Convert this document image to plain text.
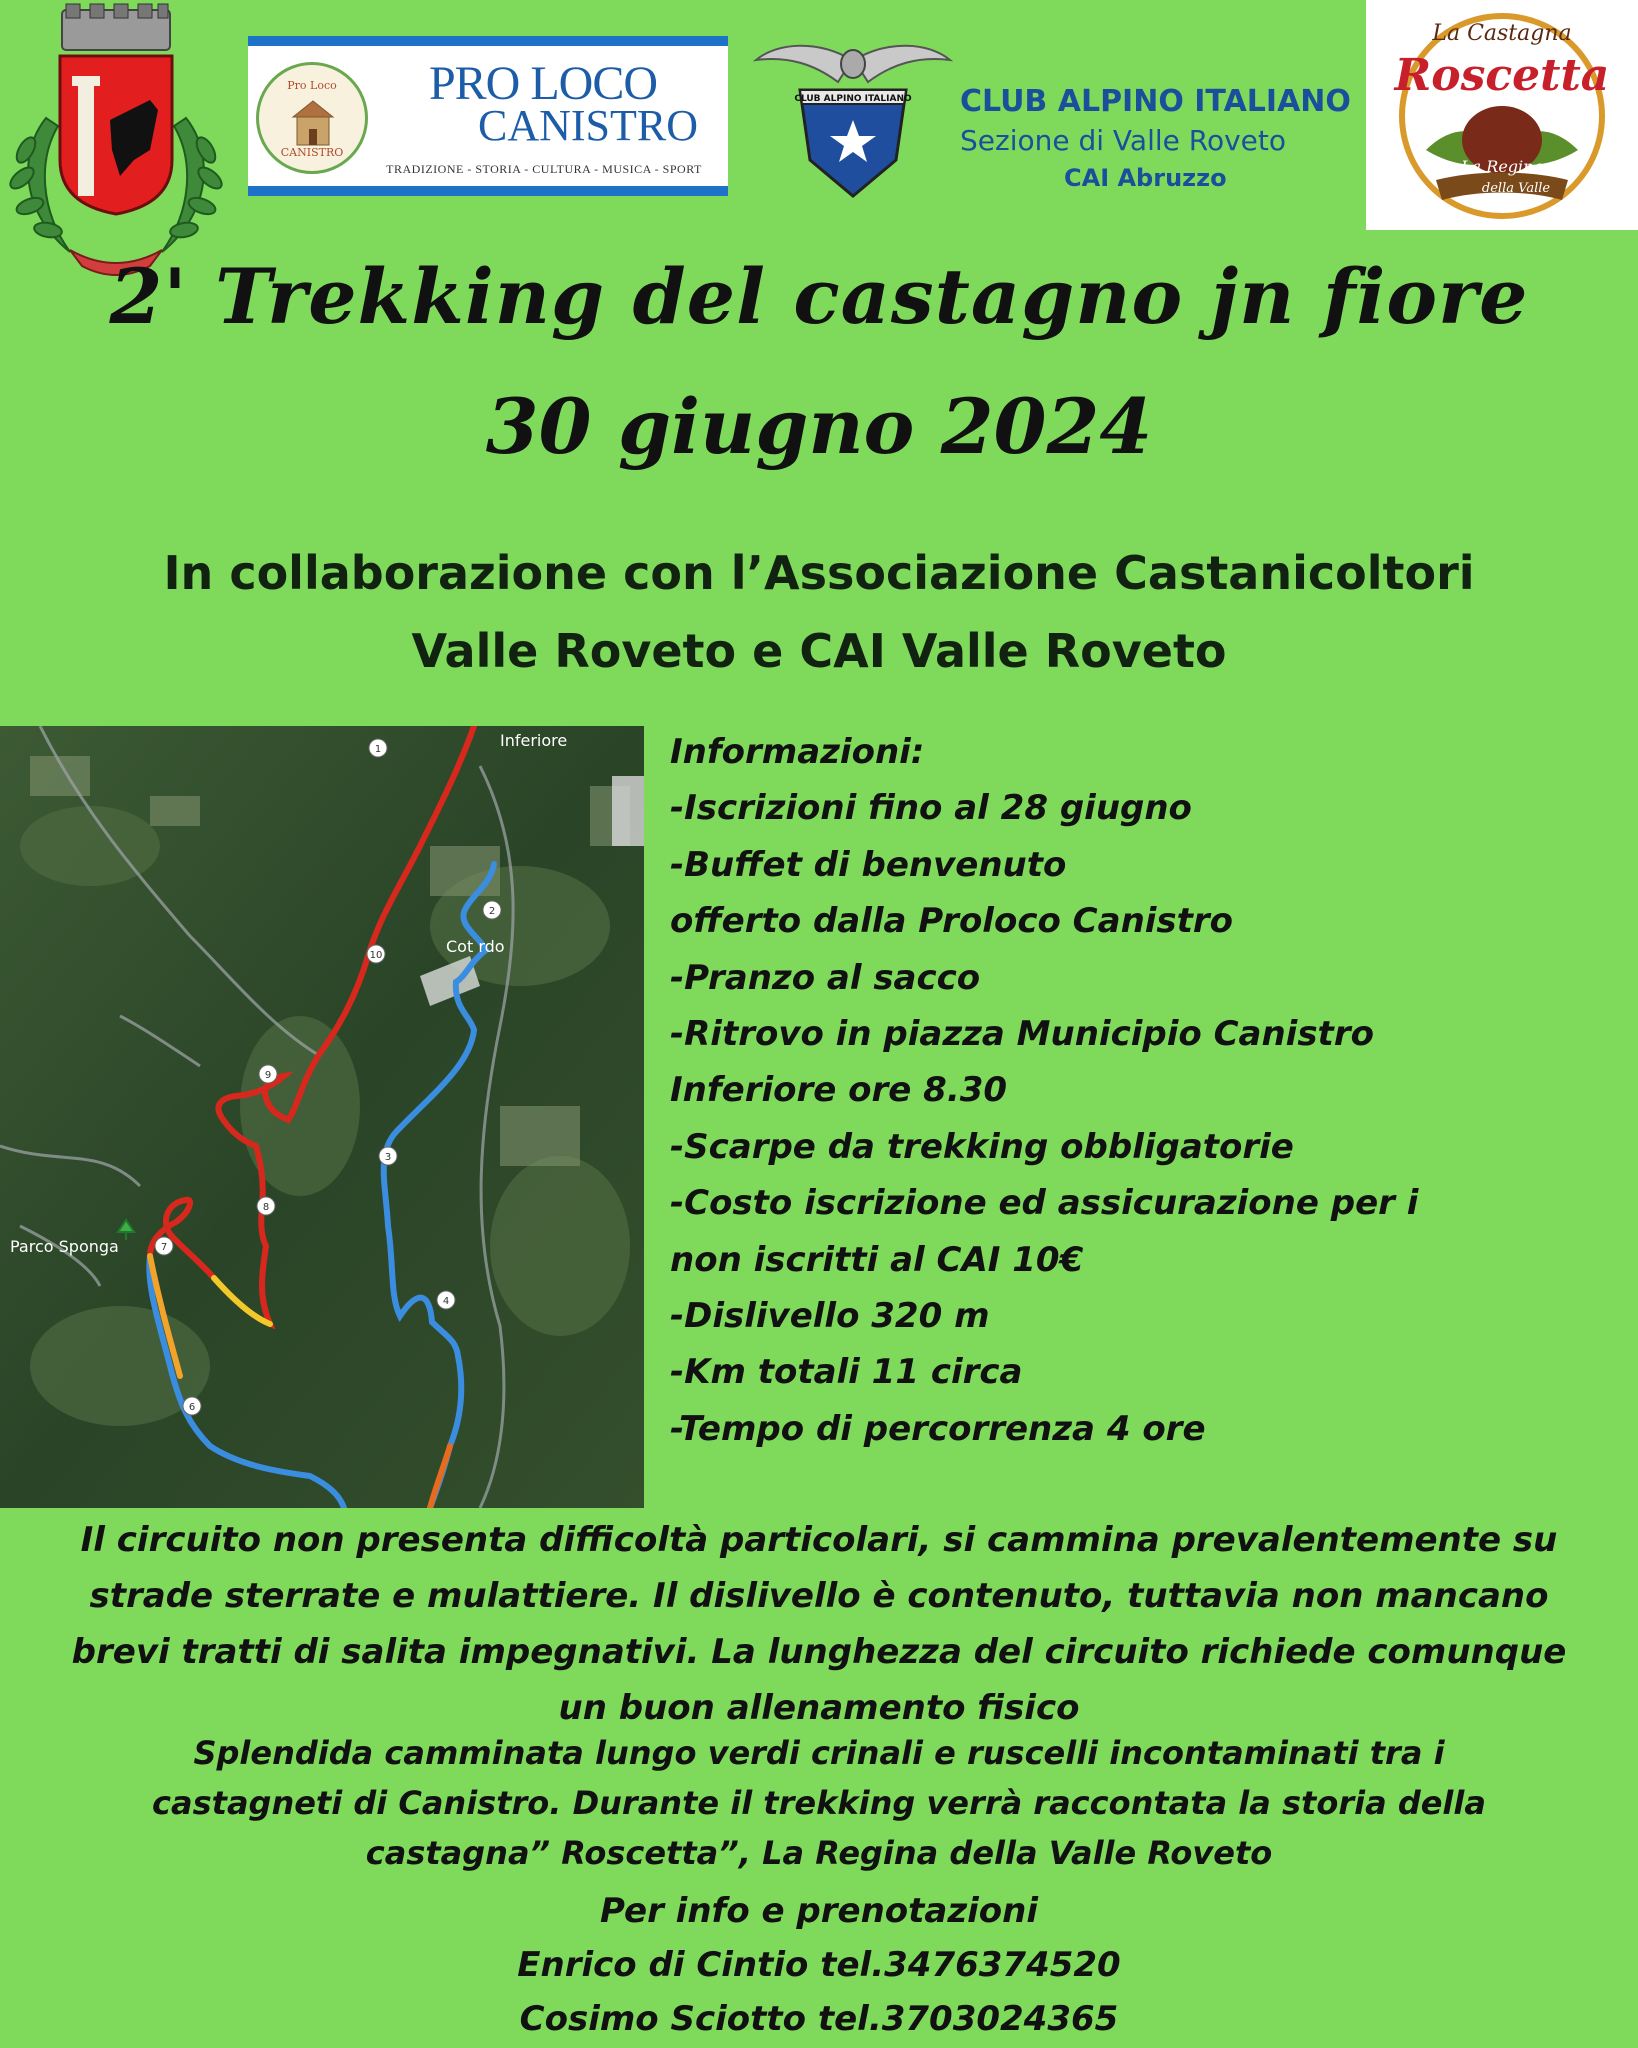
Pro Loco
CANISTRO
PRO LOCO
CANISTRO
TRADIZIONE - STORIA - CULTURA - MUSICA - SPORT
CLUB ALPINO ITALIANO CLUB ALPINO ITALIANO
Sezione di Valle Roveto
CAI Abruzzo
La Castagna
Roscetta
La Regina
della Valle
2' Trekking del castagno jn fiore
30 giugno 2024
In collaborazione con l’Associazione Castanicoltori
Valle Roveto e CAI Valle Roveto
Inferiore
Cot rdo
Parco Sponga
1
2
3
4
6
7
8
9
10
Informazioni:
-Iscrizioni fino al 28 giugno
-Buffet di benvenuto
offerto dalla Proloco Canistro
-Pranzo al sacco
-Ritrovo in piazza Municipio Canistro
Inferiore ore 8.30
-Scarpe da trekking obbligatorie
-Costo iscrizione ed assicurazione per i
non iscritti al CAI 10€
-Dislivello 320 m
-Km totali 11 circa
-Tempo di percorrenza 4 ore
Il circuito non presenta difficoltà particolari, si cammina prevalentemente su
strade sterrate e mulattiere. Il dislivello è contenuto, tuttavia non mancano
brevi tratti di salita impegnativi. La lunghezza del circuito richiede comunque
un buon allenamento fisico
Splendida camminata lungo verdi crinali e ruscelli incontaminati tra i
castagneti di Canistro. Durante il trekking verrà raccontata la storia della
castagna” Roscetta”, La Regina della Valle Roveto
Per info e prenotazioni
Enrico di Cintio tel.3476374520
Cosimo Sciotto tel.3703024365
